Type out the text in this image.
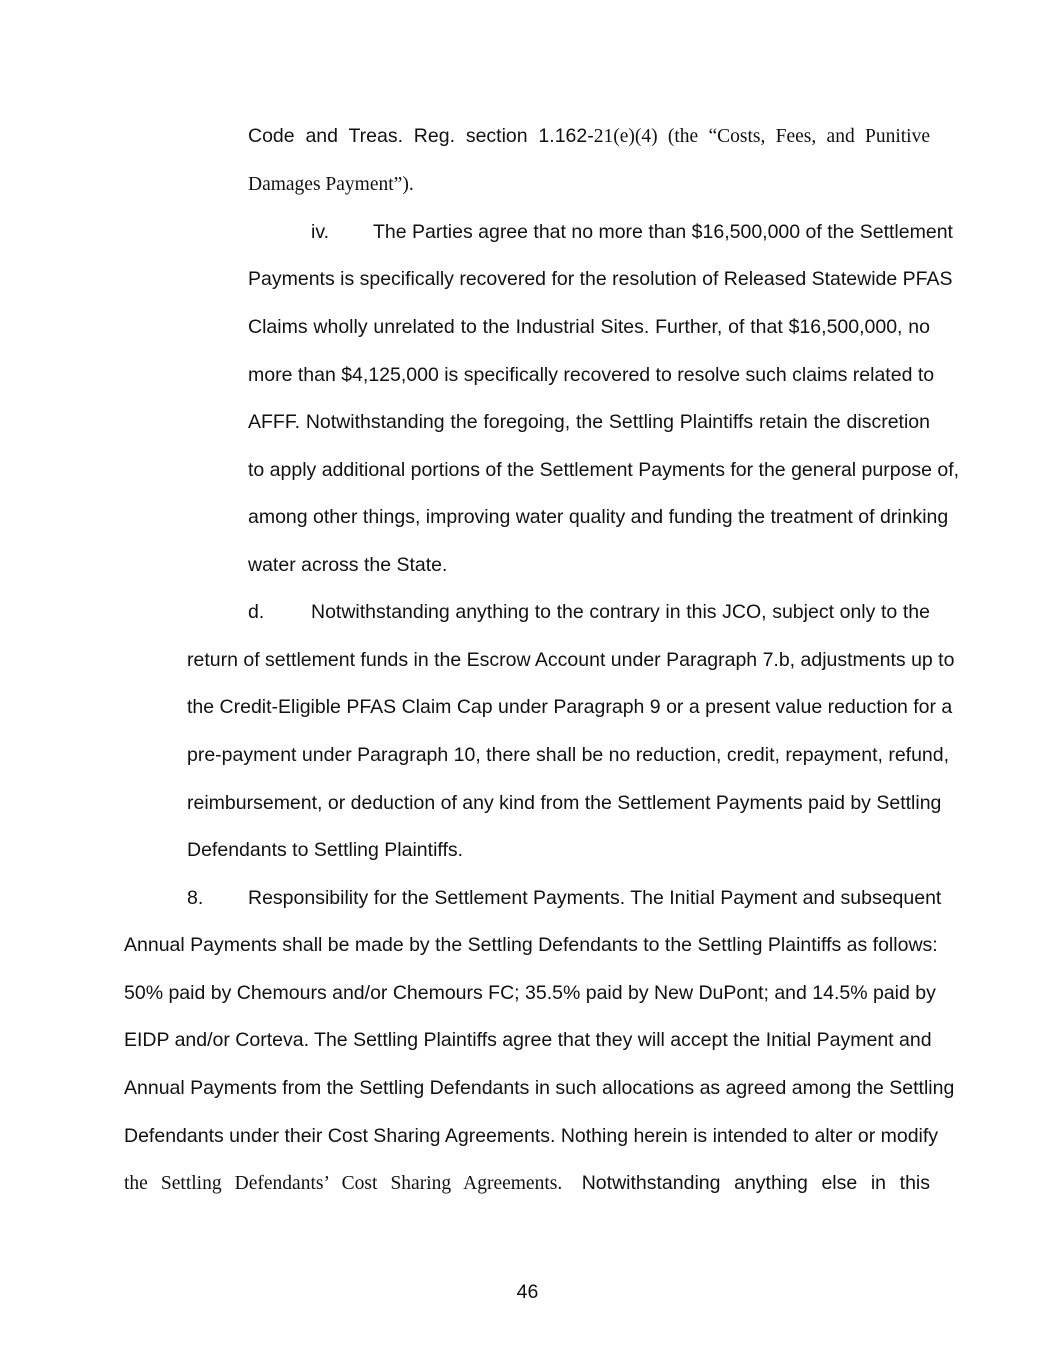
Code and Treas. Reg. section 1.162-21(e)(4) (the “Costs, Fees, and Punitive

Damages Payment”).

iv. The Parties agree that no more than $16,500,000 of the Settlement

Payments is specifically recovered for the resolution of Released Statewide PFAS

Claims wholly unrelated to the Industrial Sites. Further, of that $16,500,000, no

more than $4,125,000 is specifically recovered to resolve such claims related to

AFFF. Notwithstanding the foregoing, the Settling Plaintiffs retain the discretion

to apply additional portions of the Settlement Payments for the general purpose of,

among other things, improving water quality and funding the treatment of drinking

water across the State.

d. Notwithstanding anything to the contrary in this JCO, subject only to the

return of settlement funds in the Escrow Account under Paragraph 7.b, adjustments up to

the Credit-Eligible PFAS Claim Cap under Paragraph 9 or a present value reduction for a

pre-payment under Paragraph 10, there shall be no reduction, credit, repayment, refund,

reimbursement, or deduction of any kind from the Settlement Payments paid by Settling

Defendants to Settling Plaintiffs.

8. Responsibility for the Settlement Payments. The Initial Payment and subsequent

Annual Payments shall be made by the Settling Defendants to the Settling Plaintiffs as follows:

50% paid by Chemours and/or Chemours FC; 35.5% paid by New DuPont; and 14.5% paid by

EIDP and/or Corteva. The Settling Plaintiffs agree that they will accept the Initial Payment and

Annual Payments from the Settling Defendants in such allocations as agreed among the Settling

Defendants under their Cost Sharing Agreements. Nothing herein is intended to alter or modify

the Settling Defendants’ Cost Sharing Agreements.   Notwithstanding anything else in this

46
